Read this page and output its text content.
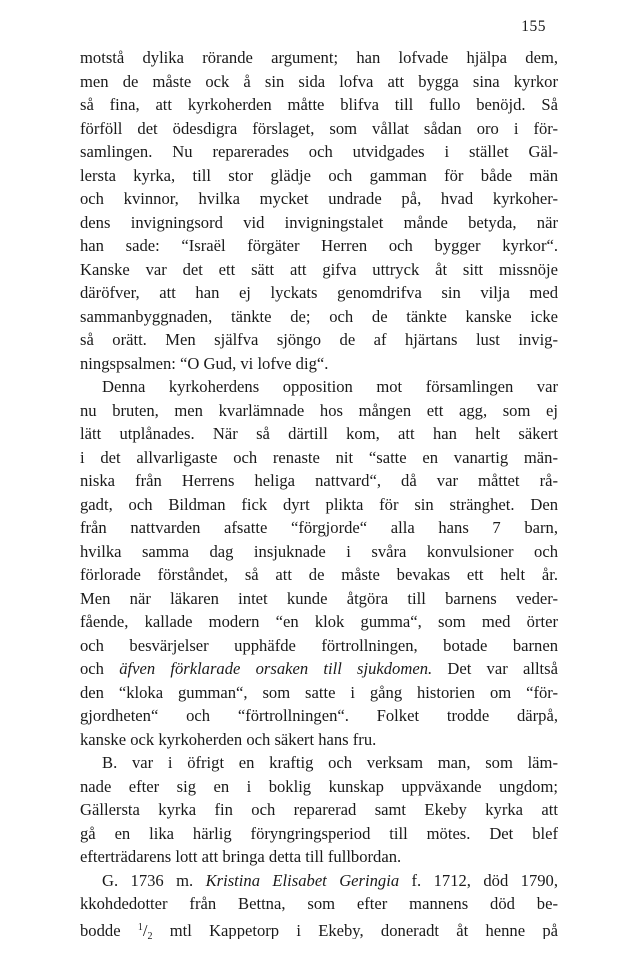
155
motstå dylika rörande argument; han lofvade hjälpa dem,
men de måste ock å sin sida lofva att bygga sina kyrkor
så fina, att kyrkoherden måtte blifva till fullo benöjd. Så
förföll det ödesdigra förslaget, som vållat sådan oro i för-
samlingen. Nu reparerades och utvidgades i stället Gäl-
lersta kyrka, till stor glädje och gamman för både män
och kvinnor, hvilka mycket undrade på, hvad kyrkoher-
dens invigningsord vid invigningstalet månde betyda, när
han sade: “Israël förgäter Herren och bygger kyrkor“.
Kanske var det ett sätt att gifva uttryck åt sitt missnöje
däröfver, att han ej lyckats genomdrifva sin vilja med
sammanbyggnaden, tänkte de; och de tänkte kanske icke
så orätt. Men själfva sjöngo de af hjärtans lust invig-
ningspsalmen: “O Gud, vi lofve dig“.
Denna kyrkoherdens opposition mot församlingen var
nu bruten, men kvarlämnade hos mången ett agg, som ej
lätt utplånades. När så därtill kom, att han helt säkert
i det allvarligaste och renaste nit “satte en vanartig män-
niska från Herrens heliga nattvard“, då var måttet rå-
gadt, och Bildman fick dyrt plikta för sin stränghet. Den
från nattvarden afsatte “förgjorde“ alla hans 7 barn,
hvilka samma dag insjuknade i svåra konvulsioner och
förlorade förståndet, så att de måste bevakas ett helt år.
Men när läkaren intet kunde åtgöra till barnens veder-
fående, kallade modern “en klok gumma“, som med örter
och besvärjelser upphäfde förtrollningen, botade barnen
och äfven förklarade orsaken till sjukdomen. Det var alltså
den “kloka gumman“, som satte i gång historien om “för-
gjordheten“ och “förtrollningen“. Folket trodde därpå,
kanske ock kyrkoherden och säkert hans fru.
B. var i öfrigt en kraftig och verksam man, som läm-
nade efter sig en i boklig kunskap uppväxande ungdom;
Gällersta kyrka fin och reparerad samt Ekeby kyrka att
gå en lika härlig föryngringsperiod till mötes. Det blef
efterträdarens lott att bringa detta till fullbordan.
G. 1736 m. Kristina Elisabet Geringia f. 1712, död 1790,
kkohdedotter från Bettna, som efter mannens död be-
bodde $^1/_2$ mtl Kappetorp i Ekeby, doneradt åt henne på
